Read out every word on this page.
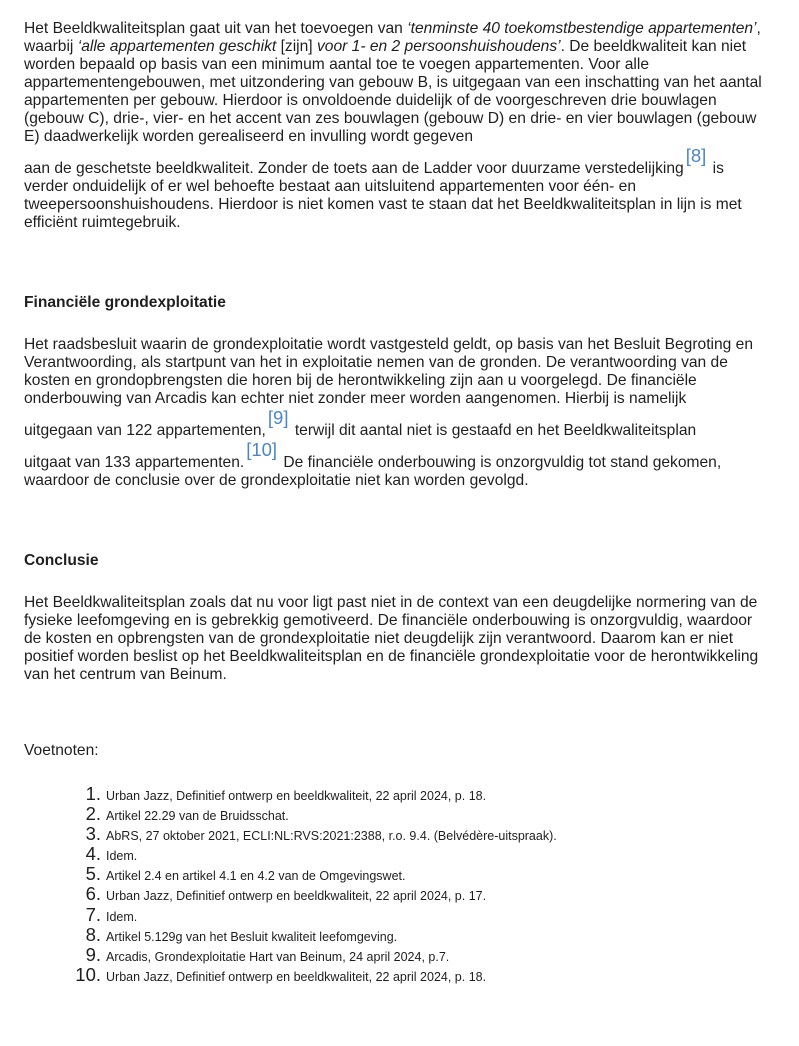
Het Beeldkwaliteitsplan gaat uit van het toevoegen van ‘tenminste 40 toekomstbestendige appartementen’, waarbij ‘alle appartementen geschikt [zijn] voor 1- en 2 persoonshuishoudens’. De beeldkwaliteit kan niet worden bepaald op basis van een minimum aantal toe te voegen appartementen. Voor alle appartementengebouwen, met uitzondering van gebouw B, is uitgegaan van een inschatting van het aantal appartementen per gebouw. Hierdoor is onvoldoende duidelijk of de voorgeschreven drie bouwlagen (gebouw C), drie-, vier- en het accent van zes bouwlagen (gebouw D) en drie- en vier bouwlagen (gebouw E) daadwerkelijk worden gerealiseerd en invulling wordt gegeven
aan de geschetste beeldkwaliteit. Zonder de toets aan de Ladder voor duurzame verstedelijking[8] is verder onduidelijk of er wel behoefte bestaat aan uitsluitend appartementen voor één- en tweepersoonshuishoudens. Hierdoor is niet komen vast te staan dat het Beeldkwaliteitsplan in lijn is met efficiënt ruimtegebruik.

Financiële grondexploitatie

Het raadsbesluit waarin de grondexploitatie wordt vastgesteld geldt, op basis van het Besluit Begroting en Verantwoording, als startpunt van het in exploitatie nemen van de gronden. De verantwoording van de kosten en grondopbrengsten die horen bij de herontwikkeling zijn aan u voorgelegd. De financiële onderbouwing van Arcadis kan echter niet zonder meer worden aangenomen. Hierbij is namelijk
uitgegaan van 122 appartementen,[9] terwijl dit aantal niet is gestaafd en het Beeldkwaliteitsplan
uitgaat van 133 appartementen.[10] De financiële onderbouwing is onzorgvuldig tot stand gekomen, waardoor de conclusie over de grondexploitatie niet kan worden gevolgd.

Conclusie

Het Beeldkwaliteitsplan zoals dat nu voor ligt past niet in de context van een deugdelijke normering van de fysieke leefomgeving en is gebrekkig gemotiveerd. De financiële onderbouwing is onzorgvuldig, waardoor de kosten en opbrengsten van de grondexploitatie niet deugdelijk zijn verantwoord. Daarom kan er niet positief worden beslist op het Beeldkwaliteitsplan en de financiële grondexploitatie voor de herontwikkeling van het centrum van Beinum.

Voetnoten:

1. Urban Jazz, Definitief ontwerp en beeldkwaliteit, 22 april 2024, p. 18.
2. Artikel 22.29 van de Bruidsschat.
3. AbRS, 27 oktober 2021, ECLI:NL:RVS:2021:2388, r.o. 9.4. (Belvédère-uitspraak).
4. Idem.
5. Artikel 2.4 en artikel 4.1 en 4.2 van de Omgevingswet.
6. Urban Jazz, Definitief ontwerp en beeldkwaliteit, 22 april 2024, p. 17.
7. Idem.
8. Artikel 5.129g van het Besluit kwaliteit leefomgeving.
9. Arcadis, Grondexploitatie Hart van Beinum, 24 april 2024, p.7.
10. Urban Jazz, Definitief ontwerp en beeldkwaliteit, 22 april 2024, p. 18.
